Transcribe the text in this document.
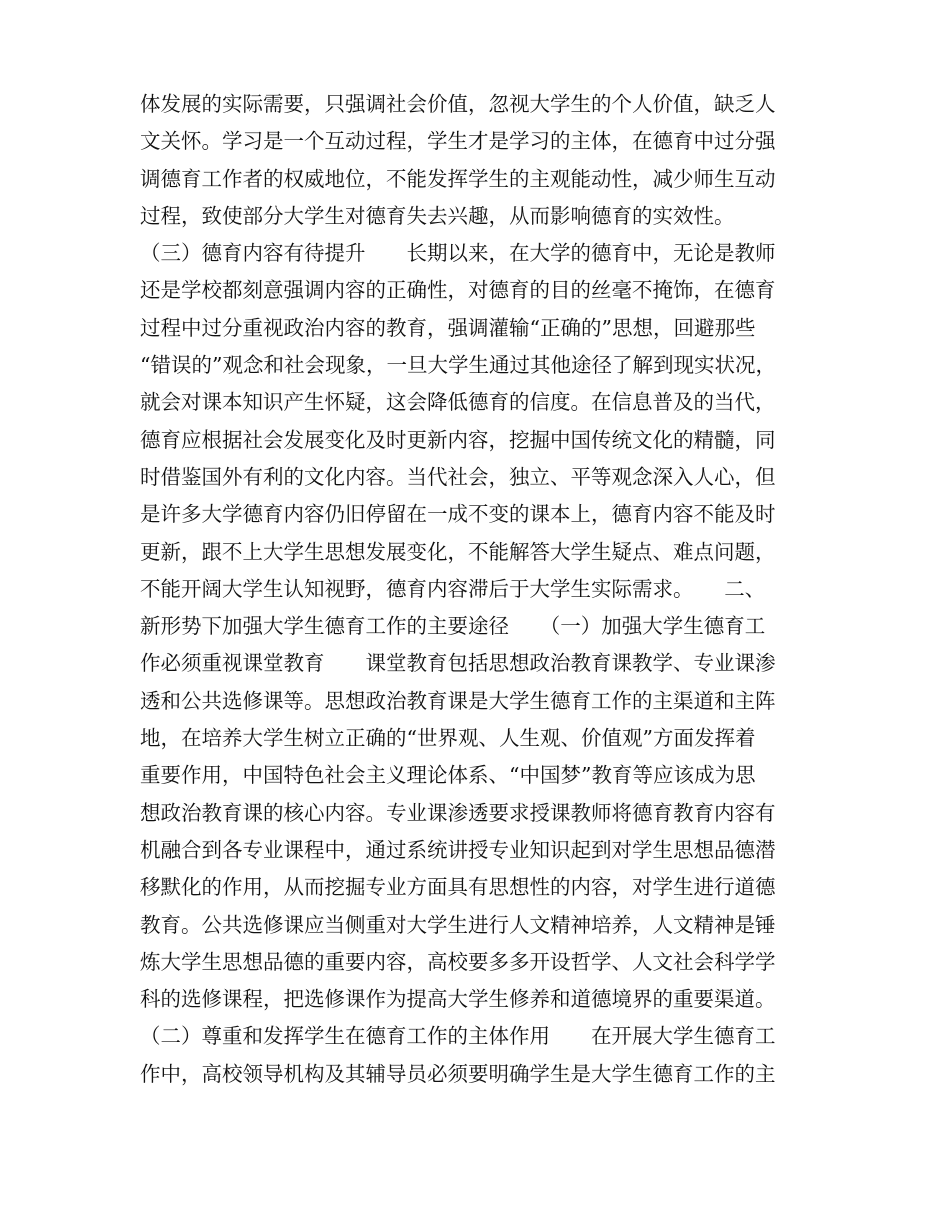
体发展的实际需要，只强调社会价值，忽视大学生的个人价值，缺乏人
文关怀。学习是一个互动过程，学生才是学习的主体，在德育中过分强
调德育工作者的权威地位，不能发挥学生的主观能动性，减少师生互动
过程，致使部分大学生对德育失去兴趣，从而影响德育的实效性。
（三）德育内容有待提升　　长期以来，在大学的德育中，无论是教师
还是学校都刻意强调内容的正确性，对德育的目的丝毫不掩饰，在德育
过程中过分重视政治内容的教育，强调灌输“正确的”思想，回避那些
“错误的”观念和社会现象，一旦大学生通过其他途径了解到现实状况，
就会对课本知识产生怀疑，这会降低德育的信度。在信息普及的当代，
德育应根据社会发展变化及时更新内容，挖掘中国传统文化的精髓，同
时借鉴国外有利的文化内容。当代社会，独立、平等观念深入人心，但
是许多大学德育内容仍旧停留在一成不变的课本上，德育内容不能及时
更新，跟不上大学生思想发展变化，不能解答大学生疑点、难点问题，
不能开阔大学生认知视野，德育内容滞后于大学生实际需求。　　二、
新形势下加强大学生德育工作的主要途径　　（一）加强大学生德育工
作必须重视课堂教育　　课堂教育包括思想政治教育课教学、专业课渗
透和公共选修课等。思想政治教育课是大学生德育工作的主渠道和主阵
地，在培养大学生树立正确的“世界观、人生观、价值观”方面发挥着
重要作用，中国特色社会主义理论体系、“中国梦”教育等应该成为思
想政治教育课的核心内容。专业课渗透要求授课教师将德育教育内容有
机融合到各专业课程中，通过系统讲授专业知识起到对学生思想品德潜
移默化的作用，从而挖掘专业方面具有思想性的内容，对学生进行道德
教育。公共选修课应当侧重对大学生进行人文精神培养，人文精神是锤
炼大学生思想品德的重要内容，高校要多多开设哲学、人文社会科学学
科的选修课程，把选修课作为提高大学生修养和道德境界的重要渠道。
（二）尊重和发挥学生在德育工作的主体作用　　在开展大学生德育工
作中，高校领导机构及其辅导员必须要明确学生是大学生德育工作的主
